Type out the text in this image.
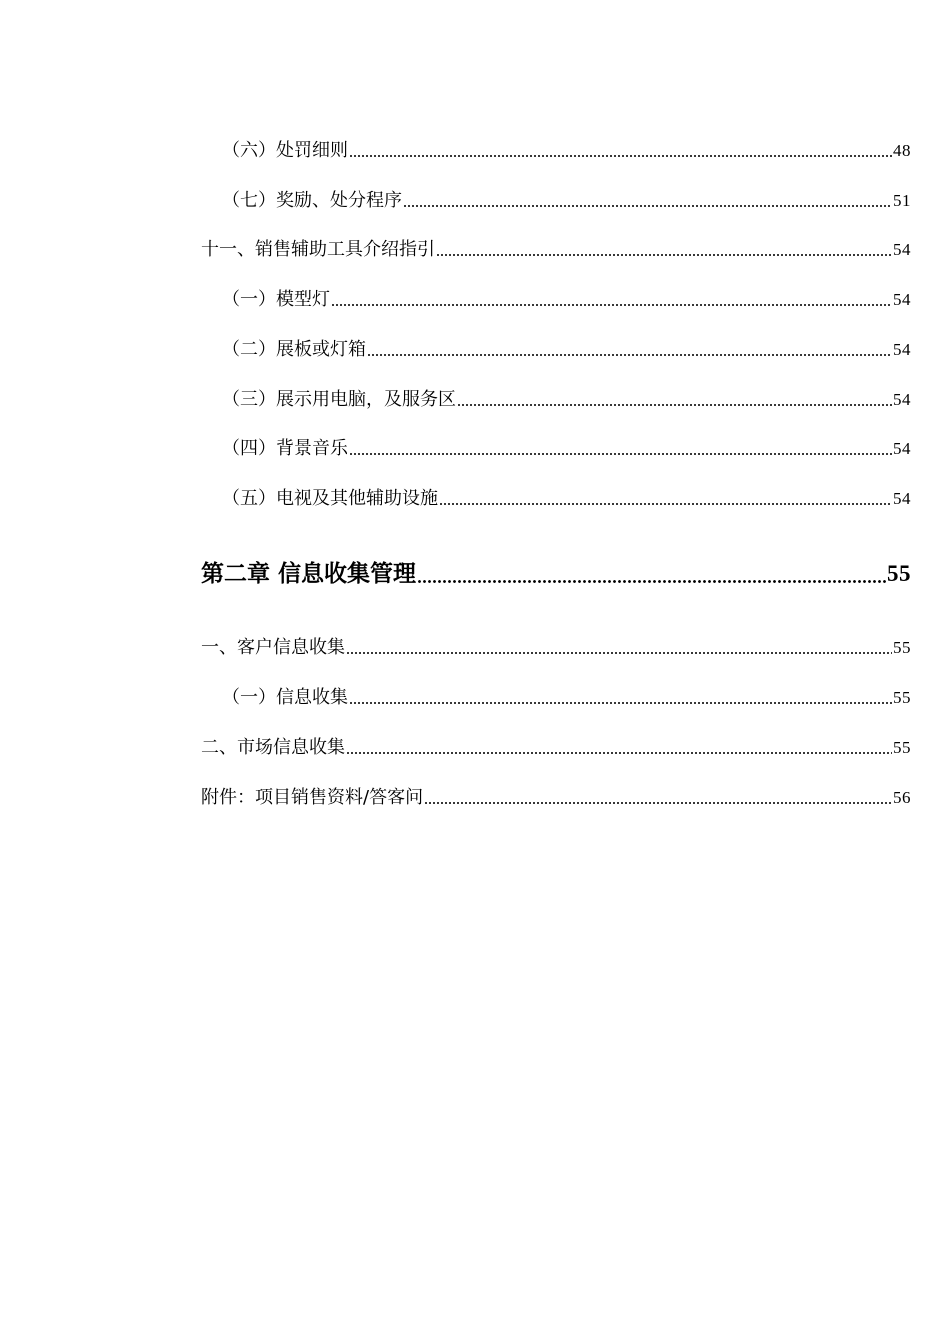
（六）处罚细则	48
（七）奖励、处分程序	51
十一、销售辅助工具介绍指引	54
（一）模型灯	54
（二）展板或灯箱	54
（三）展示用电脑，及服务区	54
（四）背景音乐	54
（五）电视及其他辅助设施	54
第二章 信息收集管理	55
一、客户信息收集	55
（一）信息收集	55
二、市场信息收集	55
附件：项目销售资料/答客问	56
